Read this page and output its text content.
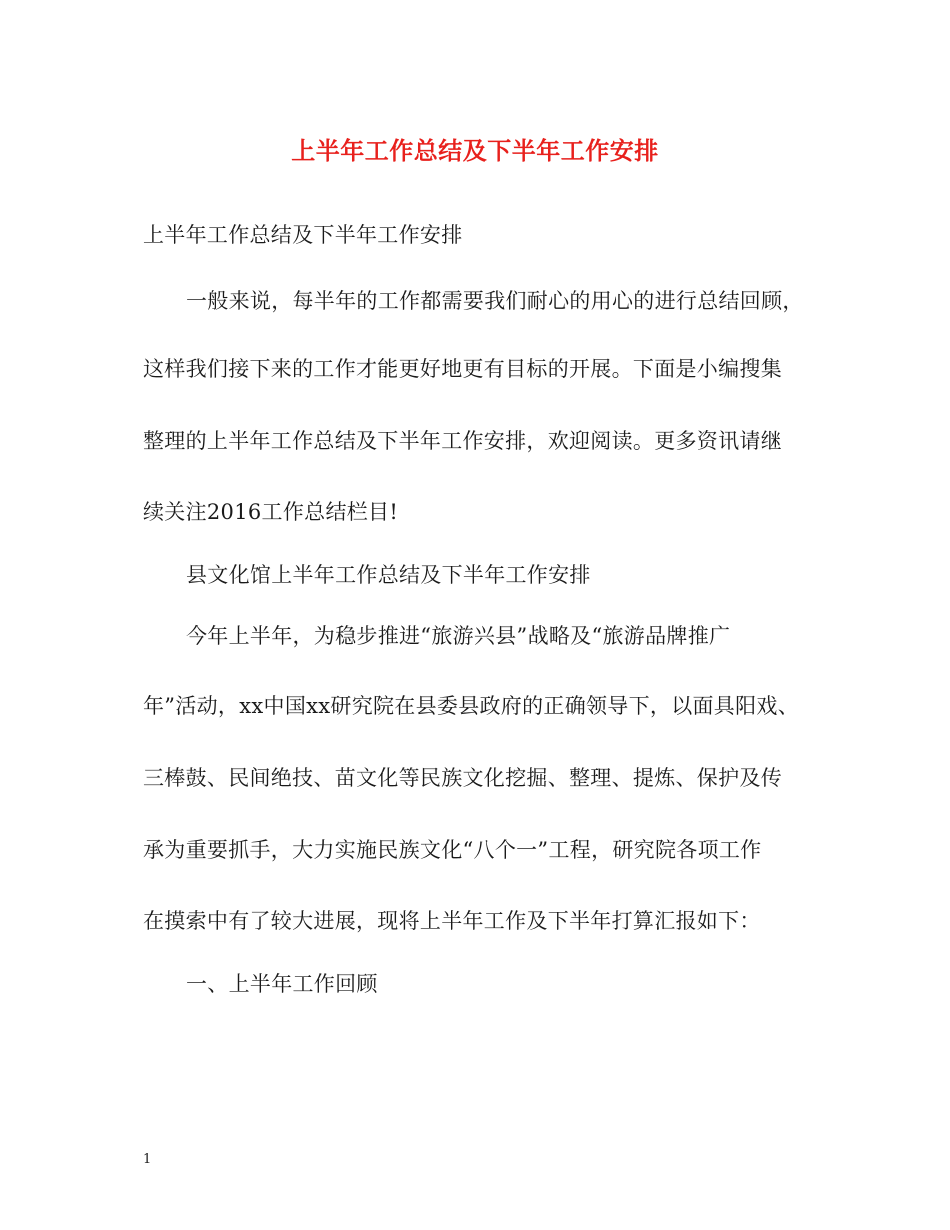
上半年工作总结及下半年工作安排
上半年工作总结及下半年工作安排
一般来说，每半年的工作都需要我们耐心的用心的进行总结回顾，
这样我们接下来的工作才能更好地更有目标的开展。下面是小编搜集
整理的上半年工作总结及下半年工作安排，欢迎阅读。更多资讯请继
续关注2016工作总结栏目!
县文化馆上半年工作总结及下半年工作安排
今年上半年，为稳步推进“旅游兴县”战略及“旅游品牌推广
年”活动，xx中国xx研究院在县委县政府的正确领导下，以面具阳戏、
三棒鼓、民间绝技、苗文化等民族文化挖掘、整理、提炼、保护及传
承为重要抓手，大力实施民族文化“八个一”工程，研究院各项工作
在摸索中有了较大进展，现将上半年工作及下半年打算汇报如下：
一、上半年工作回顾
1
